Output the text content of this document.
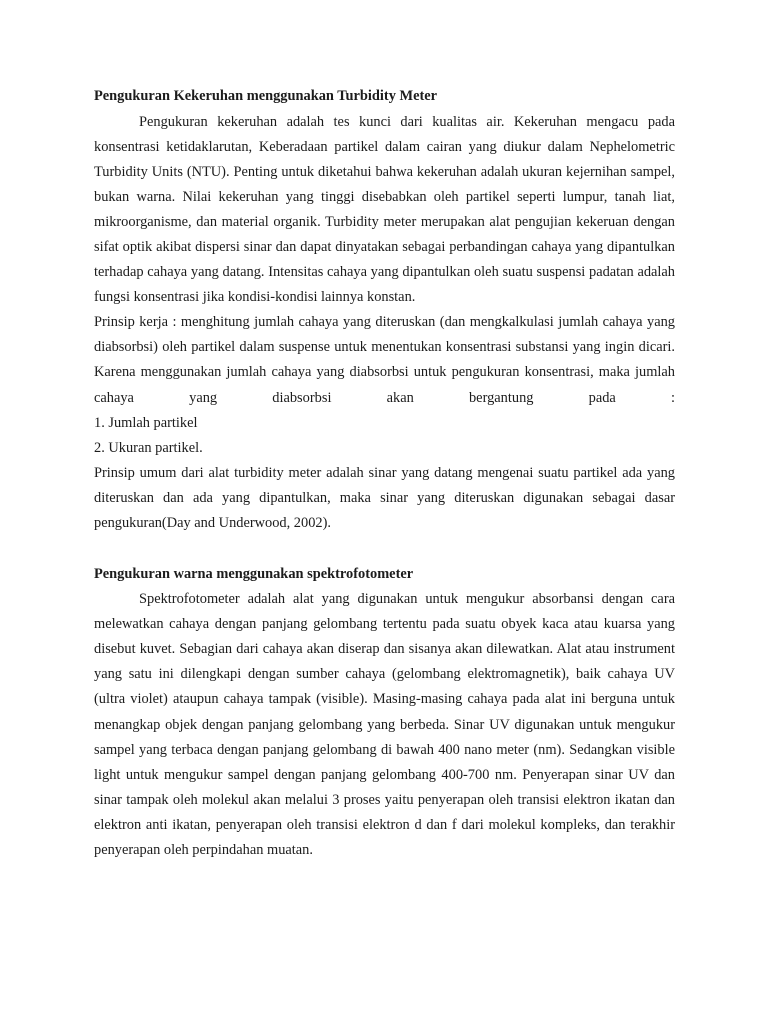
Pengukuran Kekeruhan menggunakan Turbidity Meter

Pengukuran kekeruhan adalah tes kunci dari kualitas air. Kekeruhan mengacu pada konsentrasi ketidaklarutan, Keberadaan partikel dalam cairan yang diukur dalam Nephelometric Turbidity Units (NTU). Penting untuk diketahui bahwa kekeruhan adalah ukuran kejernihan sampel, bukan warna. Nilai kekeruhan yang tinggi disebabkan oleh partikel seperti lumpur, tanah liat, mikroorganisme, dan material organik. Turbidity meter merupakan alat pengujian kekeruan dengan sifat optik akibat dispersi sinar dan dapat dinyatakan sebagai perbandingan cahaya yang dipantulkan terhadap cahaya yang datang. Intensitas cahaya yang dipantulkan oleh suatu suspensi padatan adalah fungsi konsentrasi jika kondisi-kondisi lainnya konstan.

Prinsip kerja : menghitung jumlah cahaya yang diteruskan (dan mengkalkulasi jumlah cahaya yang diabsorbsi) oleh partikel dalam suspense untuk menentukan konsentrasi substansi yang ingin dicari. Karena menggunakan jumlah cahaya yang diabsorbsi untuk pengukuran konsentrasi, maka jumlah cahaya yang diabsorbsi akan bergantung pada :

1. Jumlah partikel

2. Ukuran partikel.

Prinsip umum dari alat turbidity meter adalah sinar yang datang mengenai suatu partikel ada yang diteruskan dan ada yang dipantulkan, maka sinar yang diteruskan digunakan sebagai dasar pengukuran(Day and Underwood, 2002).

Pengukuran warna menggunakan spektrofotometer

Spektrofotometer adalah alat yang digunakan untuk mengukur absorbansi dengan cara melewatkan cahaya dengan panjang gelombang tertentu pada suatu obyek kaca atau kuarsa yang disebut kuvet. Sebagian dari cahaya akan diserap dan sisanya akan dilewatkan. Alat atau instrument yang satu ini dilengkapi dengan sumber cahaya (gelombang elektromagnetik), baik cahaya UV (ultra violet) ataupun cahaya tampak (visible). Masing-masing cahaya pada alat ini berguna untuk menangkap objek dengan panjang gelombang yang berbeda. Sinar UV digunakan untuk mengukur sampel yang terbaca dengan panjang gelombang di bawah 400 nano meter (nm). Sedangkan visible light untuk mengukur sampel dengan panjang gelombang 400-700 nm. Penyerapan sinar UV dan sinar tampak oleh molekul akan melalui 3 proses yaitu penyerapan oleh transisi elektron ikatan dan elektron anti ikatan, penyerapan oleh transisi elektron d dan f dari molekul kompleks, dan terakhir penyerapan oleh perpindahan muatan.
